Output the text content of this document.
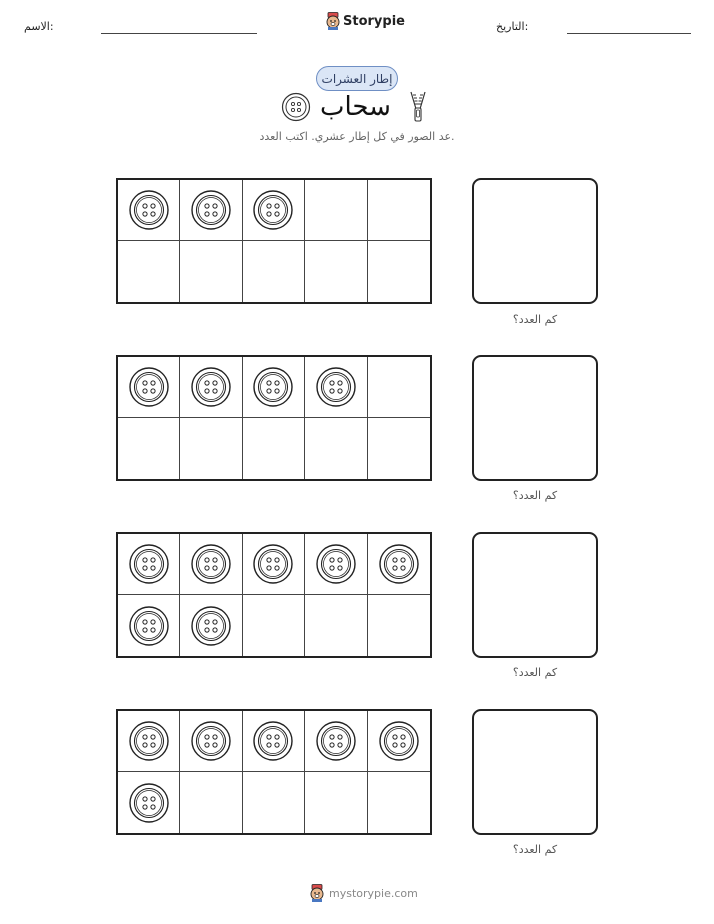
الاسم:	Storypie	التاريخ:
إطار العشرات
سحاب
عد الصور في كل إطار عشري. اكتب العدد.
كم العدد؟
كم العدد؟
كم العدد؟
كم العدد؟
mystorypie.com
